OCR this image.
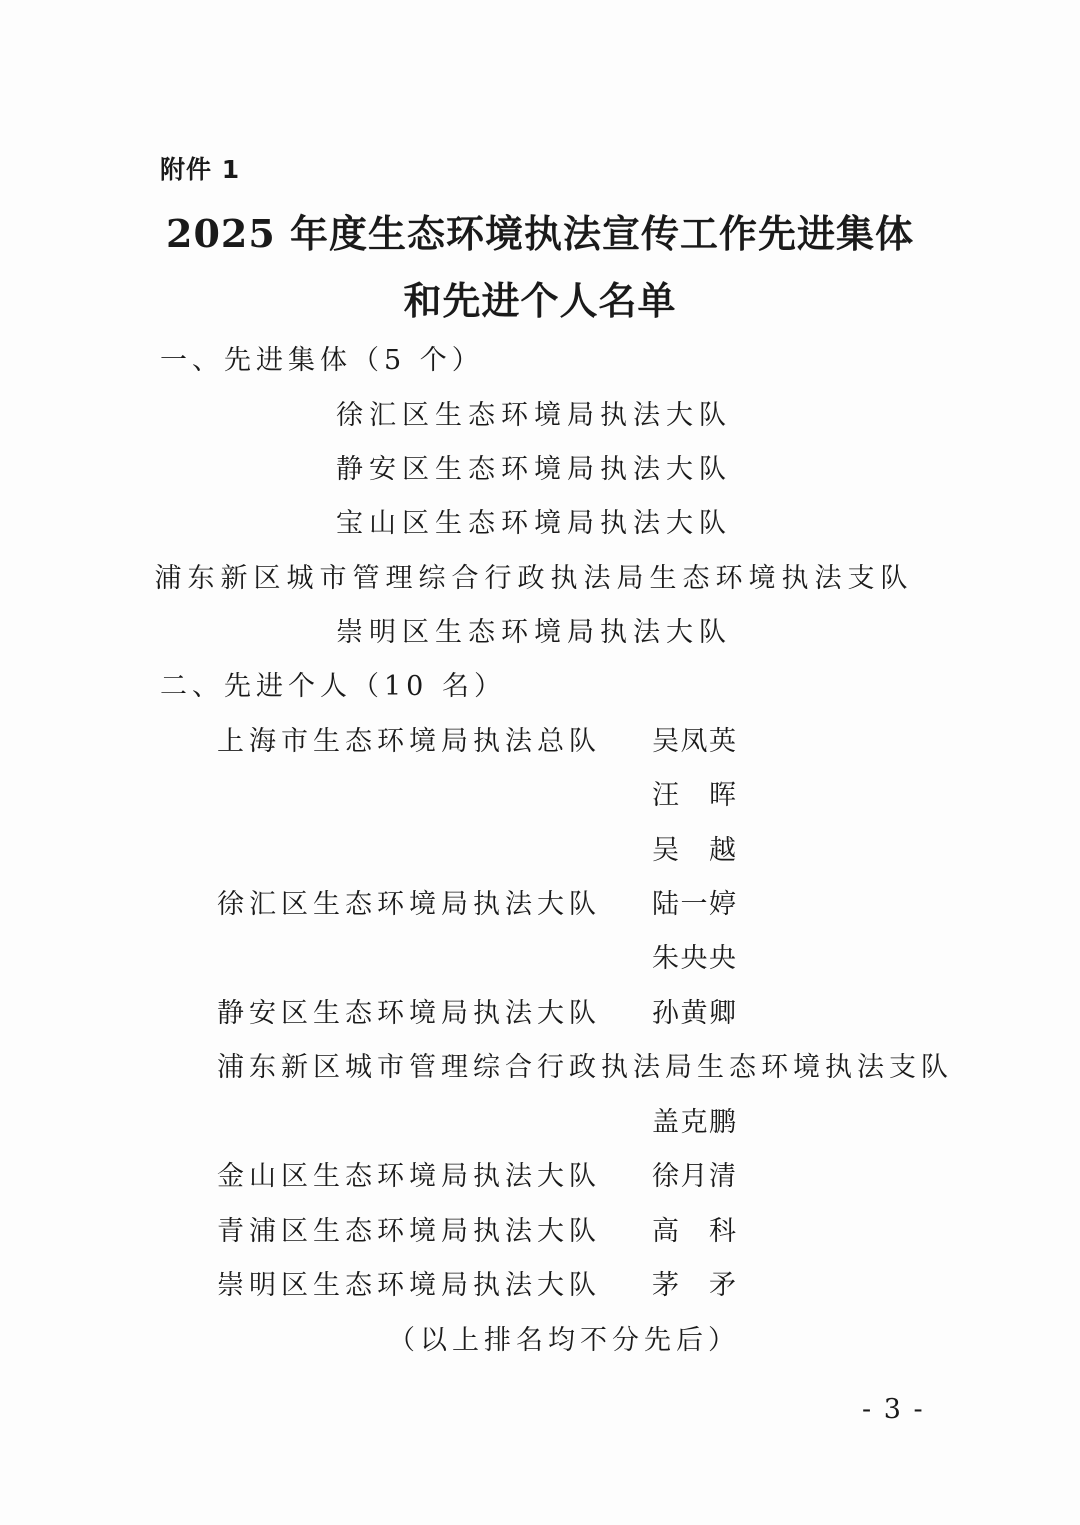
附件 1
2025 年度生态环境执法宣传工作先进集体
和先进个人名单
一、先进集体（5 个）
徐汇区生态环境局执法大队
静安区生态环境局执法大队
宝山区生态环境局执法大队
浦东新区城市管理综合行政执法局生态环境执法支队
崇明区生态环境局执法大队
二、先进个人（10 名）
上海市生态环境局执法总队 吴 凤 英
汪 晖
吴 越
徐汇区生态环境局执法大队 陆 一 婷
朱 央 央
静安区生态环境局执法大队 孙 黄 卿
浦东新区城市管理综合行政执法局生态环境执法支队
盖 克 鹏
金山区生态环境局执法大队 徐 月 清
青浦区生态环境局执法大队 高 科
崇明区生态环境局执法大队 茅 矛
（以上排名均不分先后）
- 3 -
